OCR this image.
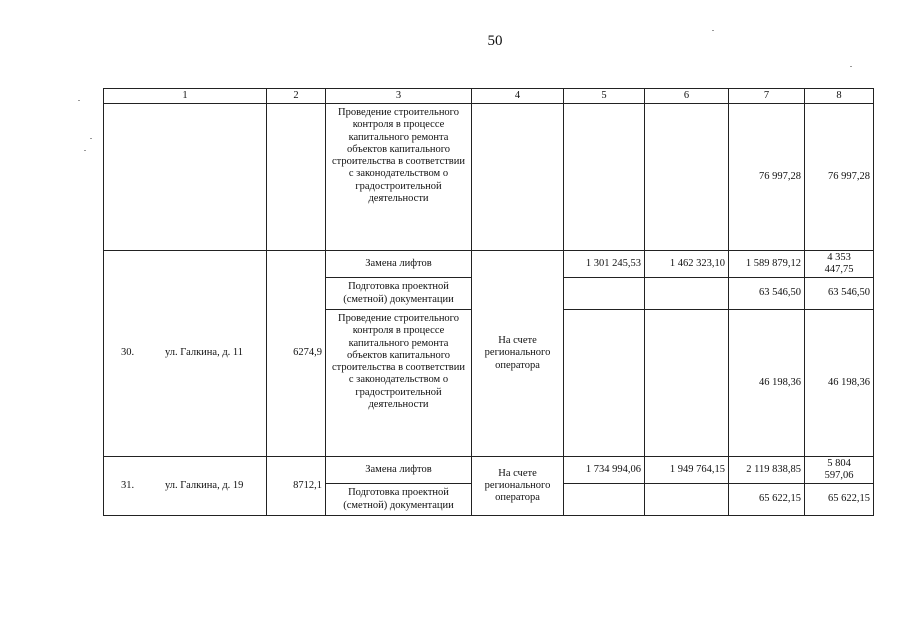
50
1	2	3	4	5	6	7	8
		Проведение строительного контроля в процессе капитального ремонта объектов капитального строительства в соответствии с законодательством о градостроительной деятельности				76 997,28	76 997,28
30. ул. Галкина, д. 11	6274,9	Замена лифтов	На счете регионального оператора	1 301 245,53	1 462 323,10	1 589 879,12	4 353 447,75
		Подготовка проектной (сметной) документации				63 546,50	63 546,50
		Проведение строительного контроля в процессе капитального ремонта объектов капитального строительства в соответствии с законодательством о градостроительной деятельности				46 198,36	46 198,36
31. ул. Галкина, д. 19	8712,1	Замена лифтов	На счете регионального оператора	1 734 994,06	1 949 764,15	2 119 838,85	5 804 597,06
		Подготовка проектной (сметной) документации				65 622,15	65 622,15
